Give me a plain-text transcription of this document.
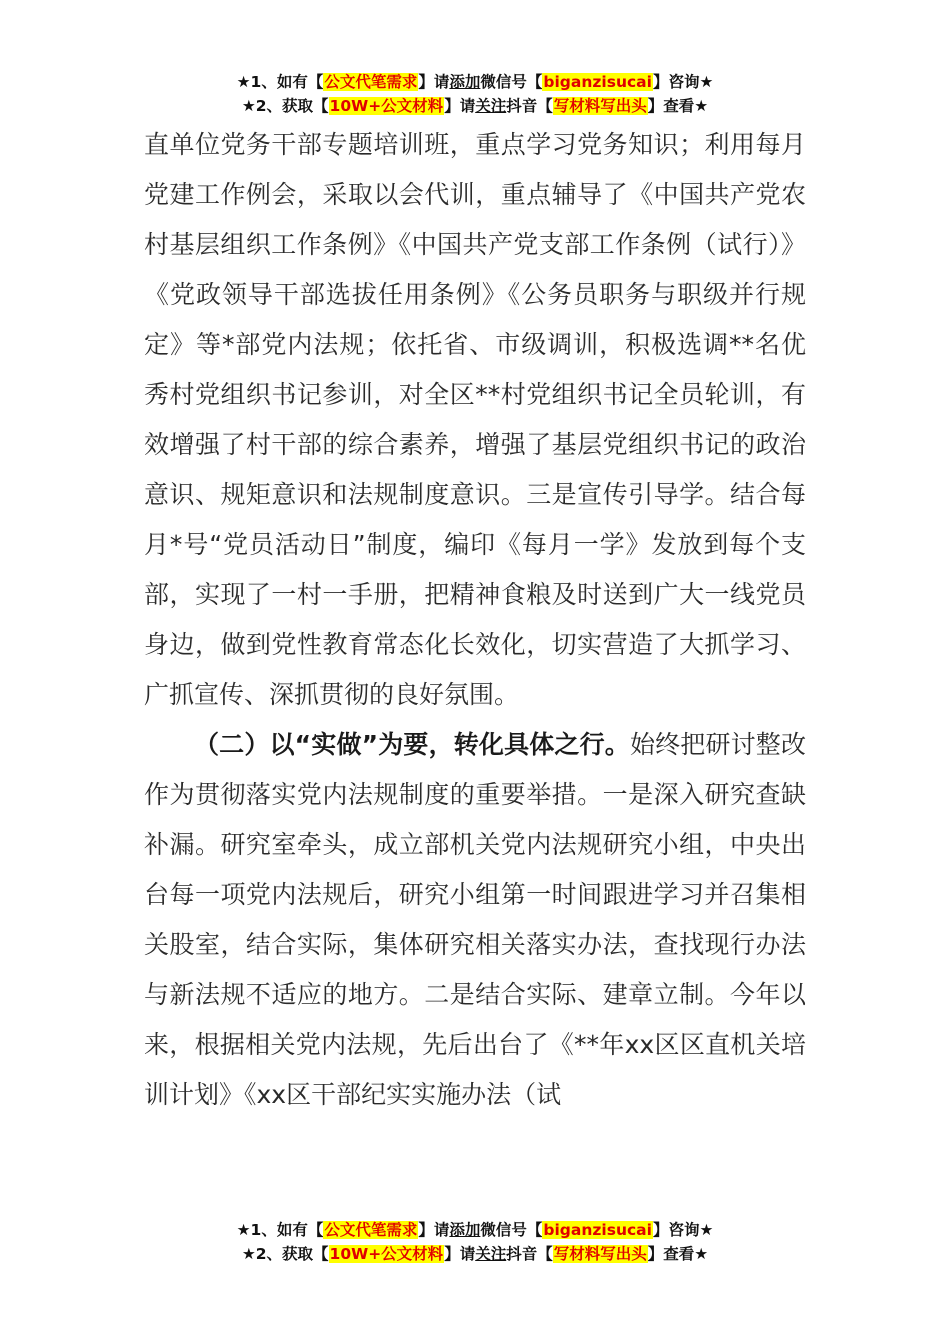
★1、如有【公文代笔需求】请添加微信号【biganzisucai】咨询★
★2、获取【10W+公文材料】请关注抖音【写材料写出头】查看★

直单位党务干部专题培训班，重点学习党务知识；利用每月党建工作例会，采取以会代训，重点辅导了《中国共产党农村基层组织工作条例》《中国共产党支部工作条例（试行）》《党政领导干部选拔任用条例》《公务员职务与职级并行规定》等*部党内法规；依托省、市级调训，积极选调**名优秀村党组织书记参训，对全区**村党组织书记全员轮训，有效增强了村干部的综合素养，增强了基层党组织书记的政治意识、规矩意识和法规制度意识。三是宣传引导学。结合每月*号“党员活动日”制度，编印《每月一学》发放到每个支部，实现了一村一手册，把精神食粮及时送到广大一线党员身边，做到党性教育常态化长效化，切实营造了大抓学习、广抓宣传、深抓贯彻的良好氛围。

（二）以“实做”为要，转化具体之行。始终把研讨整改作为贯彻落实党内法规制度的重要举措。一是深入研究查缺补漏。研究室牵头，成立部机关党内法规研究小组，中央出台每一项党内法规后，研究小组第一时间跟进学习并召集相关股室，结合实际，集体研究相关落实办法，查找现行办法与新法规不适应的地方。二是结合实际、建章立制。今年以来，根据相关党内法规，先后出台了《**年xx区区直机关培训计划》《xx区干部纪实实施办法（试

★1、如有【公文代笔需求】请添加微信号【biganzisucai】咨询★
★2、获取【10W+公文材料】请关注抖音【写材料写出头】查看★
